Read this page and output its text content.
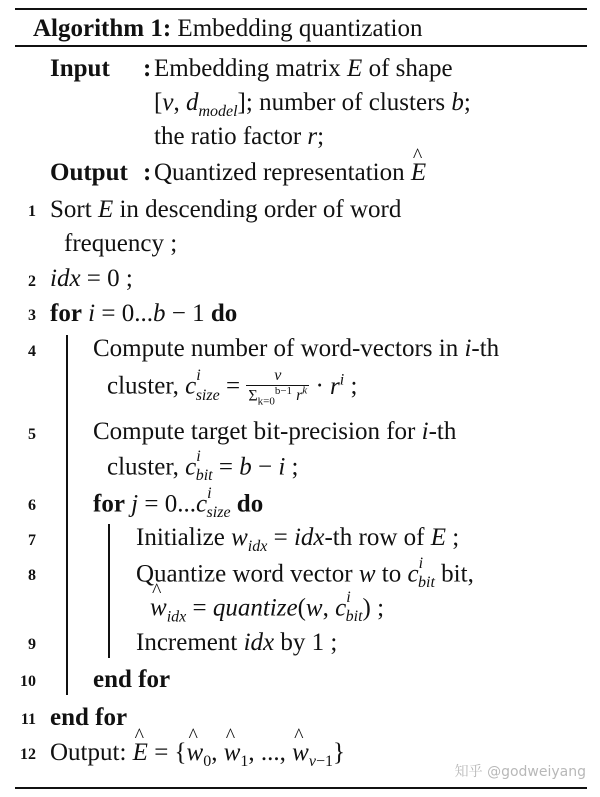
Algorithm 1: Embedding quantization
Input : Embedding matrix E of shape
[v, $d_{model}$]; number of clusters b;
the ratio factor r;
Output : Quantized representation ^ E
1
2
3
4
5
6
7
8
9
10
11
12
Sort E in descending order of word
frequency ;
idx = 0 ;
for i = 0...b − 1 do
Compute number of word-vectors in i-th
cluster, $c^i_{size} = \frac{v}{\Sigma_{k=0}^{b-1} r^k} \cdot r^i$ ;
Compute target bit-precision for i-th
cluster, $c^i_{bit} = b - i$ ;
for $j = 0...c^i_{size}$ do
Initialize $w_{idx} = idx-th$ row of E ;
Quantize word vector w to $c^i_{bit}$ bit,
^ $w_{idx}$ = quantize(w, $c^i_{bit}$) ;
Increment idx by 1 ;
end for
end for
Output: ^ E = {^ $w_0$, ^ $w_1$, ..., ^ $w_{v-1}$}
知乎 @godweiyang
